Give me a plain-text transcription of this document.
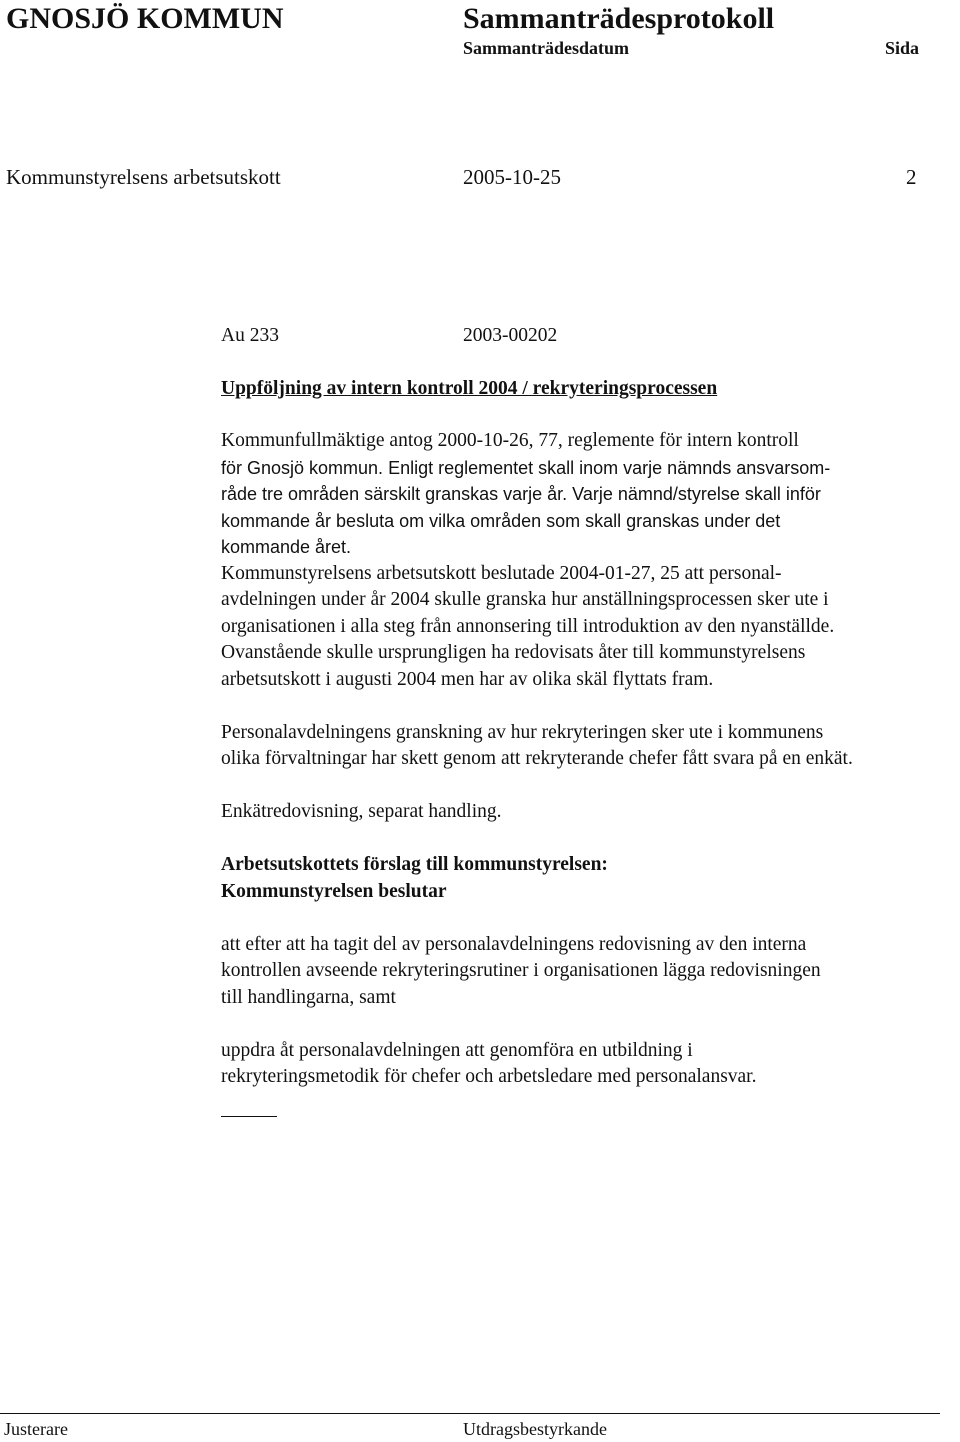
GNOSJÖ KOMMUN	Sammanträdesprotokoll
Sammanträdesdatum	Sida
Kommunstyrelsens arbetsutskott	2005-10-25	2
Au 233	2003-00202
Uppföljning av intern kontroll 2004 / rekryteringsprocessen
Kommunfullmäktige antog 2000-10-26, 77, reglemente för intern kontroll
för Gnosjö kommun. Enligt reglementet skall inom varje nämnds ansvarsom-
råde tre områden särskilt granskas varje år. Varje nämnd/styrelse skall inför
kommande år besluta om vilka områden som skall granskas under det
kommande året.
Kommunstyrelsens arbetsutskott beslutade 2004-01-27, 25 att personal-
avdelningen under år 2004 skulle granska hur anställningsprocessen sker ute i
organisationen i alla steg från annonsering till introduktion av den nyanställde.
Ovanstående skulle ursprungligen ha redovisats åter till kommunstyrelsens
arbetsutskott i augusti 2004 men har av olika skäl flyttats fram.
Personalavdelningens granskning av hur rekryteringen sker ute i kommunens
olika förvaltningar har skett genom att rekryterande chefer fått svara på en enkät.
Enkätredovisning, separat handling.
Arbetsutskottets förslag till kommunstyrelsen:
Kommunstyrelsen beslutar
att efter att ha tagit del av personalavdelningens redovisning av den interna
kontrollen avseende rekryteringsrutiner i organisationen lägga redovisningen
till handlingarna, samt
uppdra åt personalavdelningen att genomföra en utbildning i
rekryteringsmetodik för chefer och arbetsledare med personalansvar.
Justerare	Utdragsbestyrkande
